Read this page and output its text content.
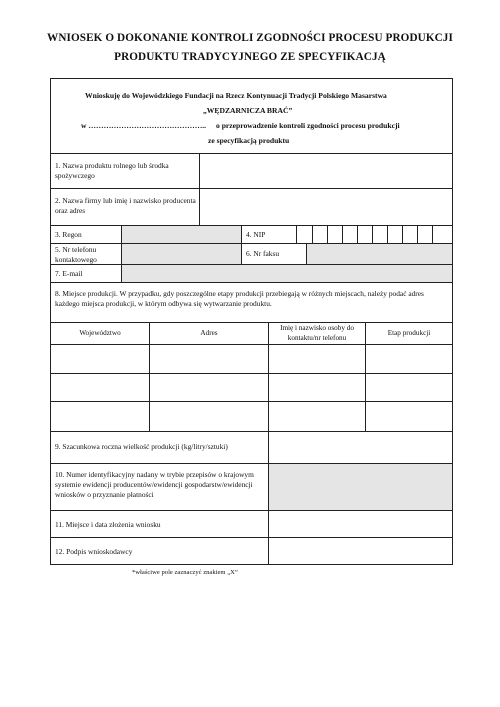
WNIOSEK O DOKONANIE KONTROLI ZGODNOŚCI PROCESU PRODUKCJI
PRODUKTU TRADYCYJNEGO ZE SPECYFIKACJĄ
Wnioskuję do Wojewódzkiego Fundacji na Rzecz Kontynuacji Tradycji Polskiego Masarstwa
„WĘDZARNICZA BRAĆ”
w ……………………………………….. o przeprowadzenie kontroli zgodności procesu produkcji
ze specyfikacją produktu
1. Nazwa produktu rolnego lub środka spożywczego
2. Nazwa firmy lub imię i nazwisko producenta oraz adres
3. Regon	4. NIP
5. Nr telefonu kontaktowego
6. Nr faksu
7. E-mail
8. Miejsce produkcji. W przypadku, gdy poszczególne etapy produkcji przebiegają w różnych miejscach, należy podać adres każdego miejsca produkcji, w którym odbywa się wytwarzanie produktu.
Województwo	Adres
Imię i nazwisko osoby do kontaktu/nr telefonu
Etap produkcji
9. Szacunkowa roczna wielkość produkcji (kg/litry/sztuki)
10. Numer identyfikacyjny nadany w trybie przepisów o krajowym systemie ewidencji producentów/ewidencji gospodarstw/ewidencji wniosków o przyznanie płatności
11. Miejsce i data złożenia wniosku
12. Podpis wnioskodawcy
*właściwe pole zaznaczyć znakiem „X”
